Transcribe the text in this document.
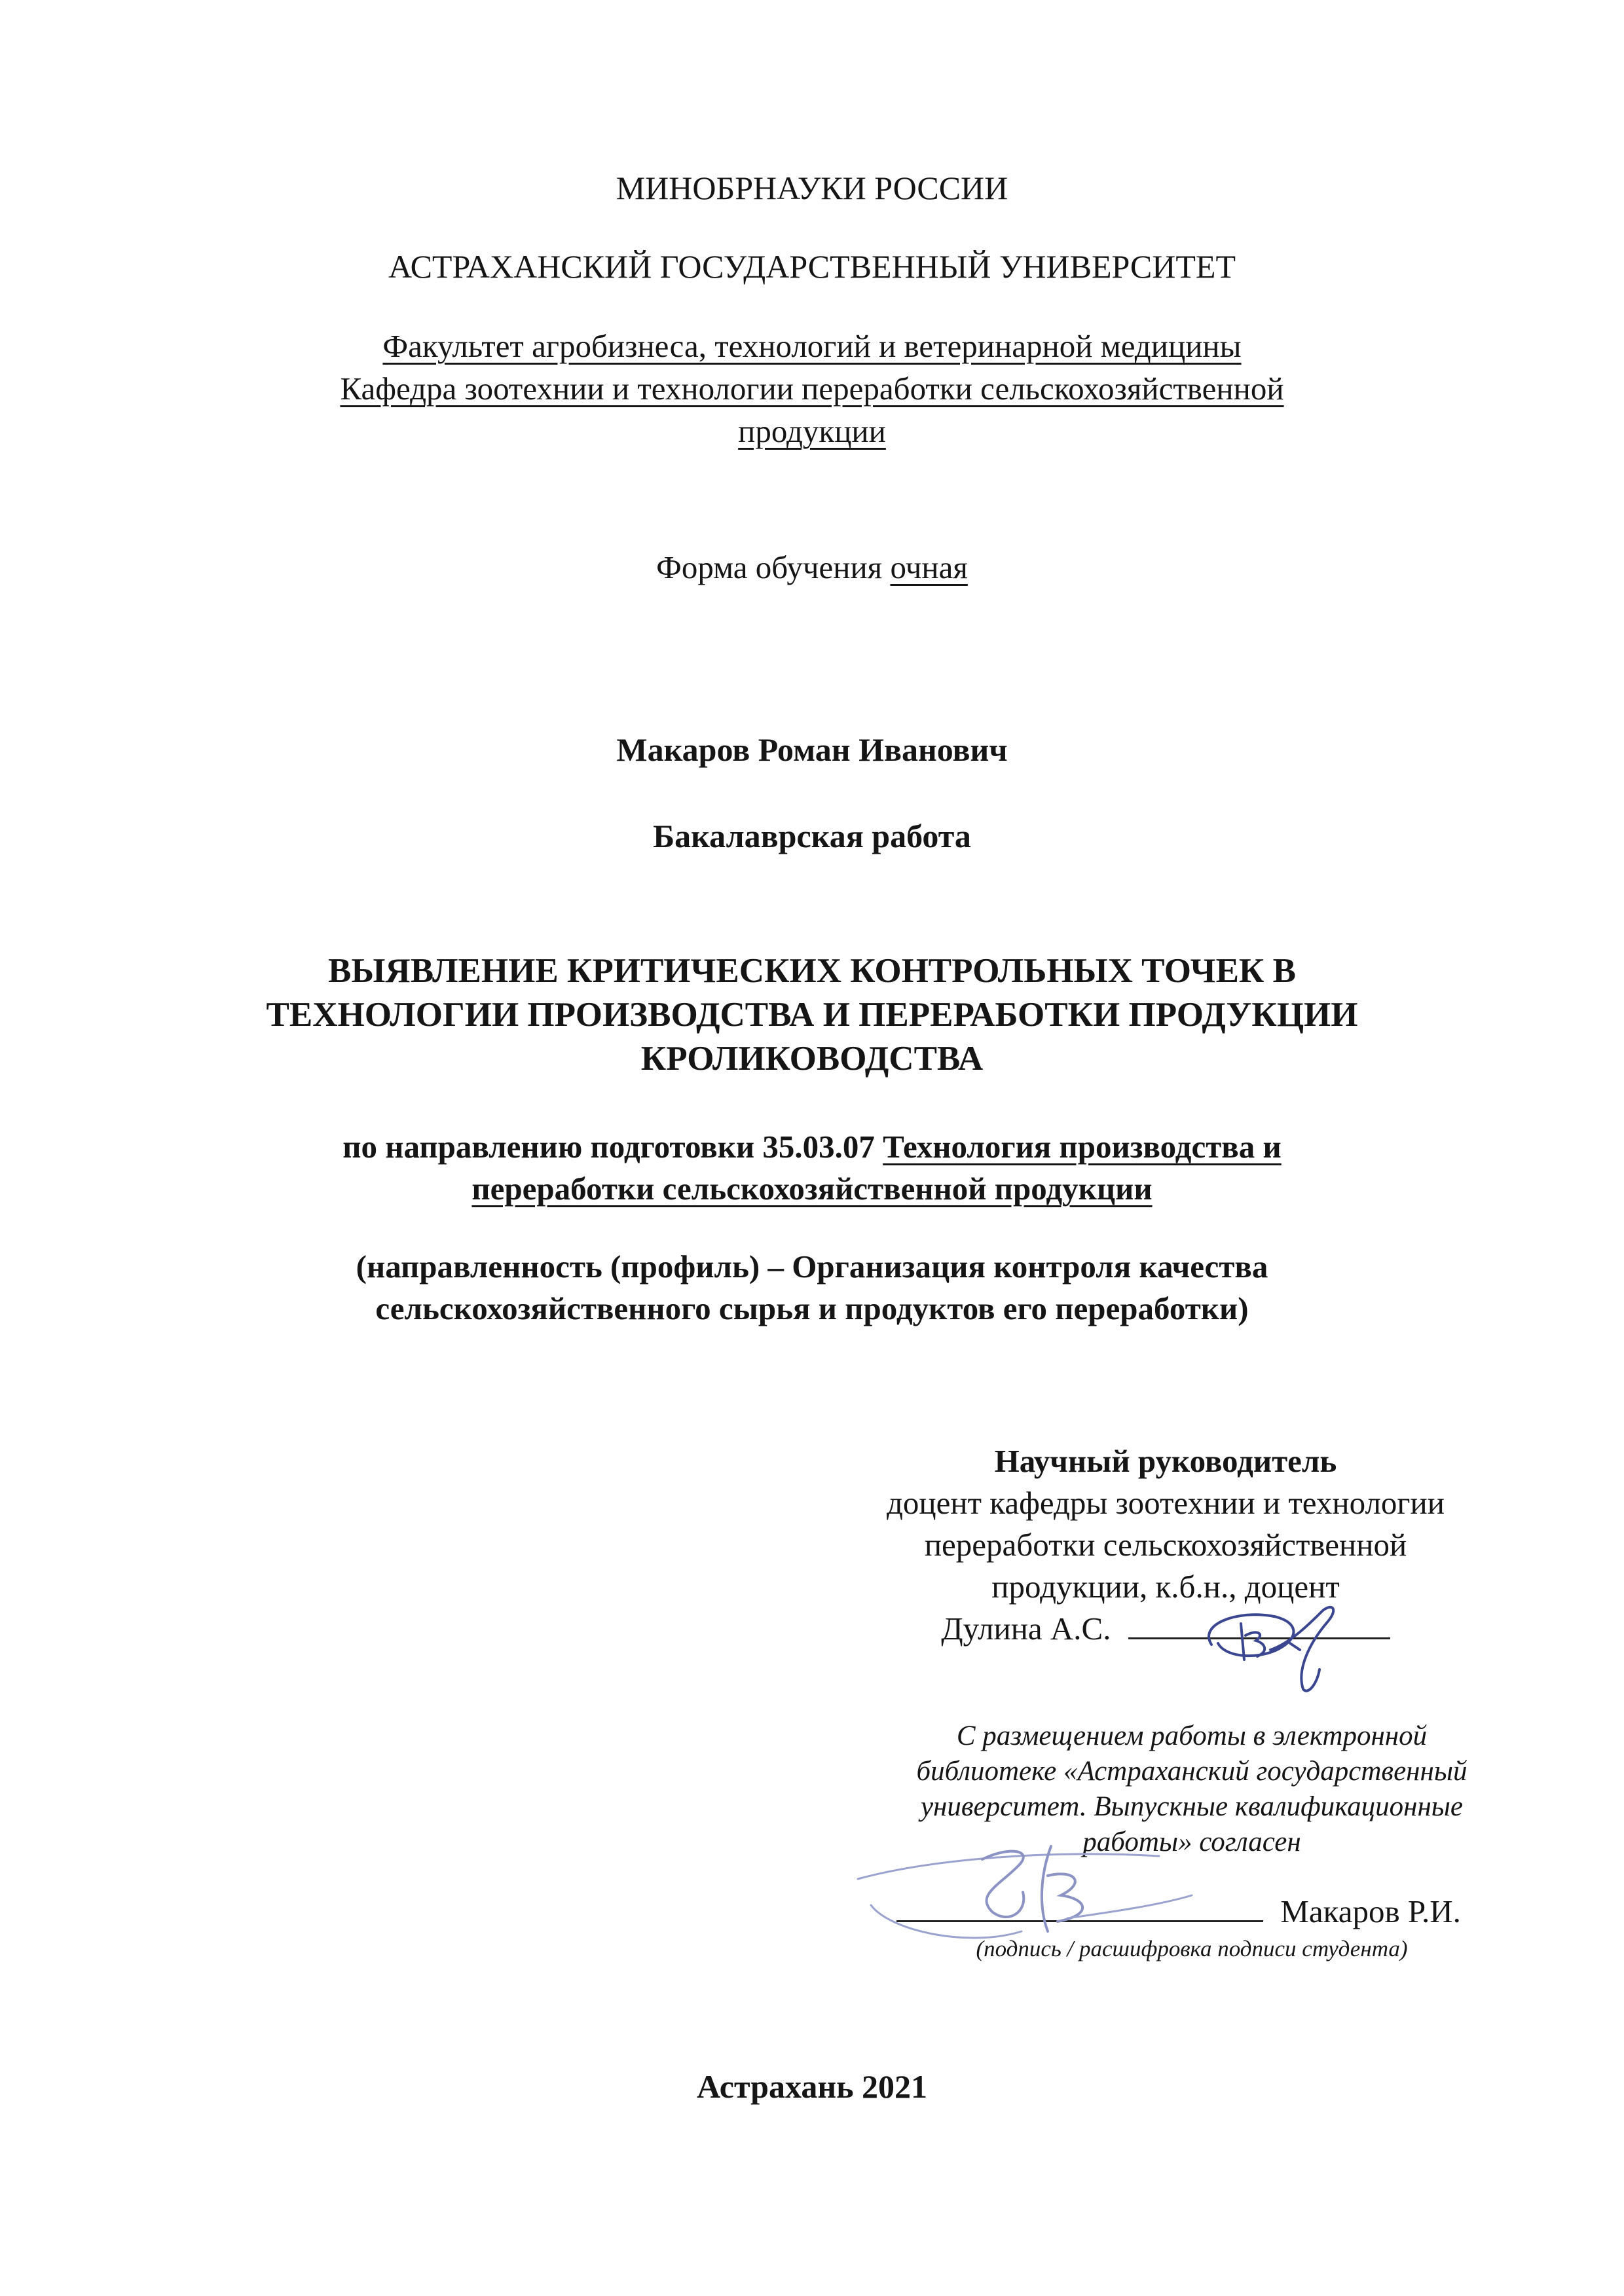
МИНОБРНАУКИ РОССИИ

АСТРАХАНСКИЙ ГОСУДАРСТВЕННЫЙ УНИВЕРСИТЕТ

Факультет агробизнеса, технологий и ветеринарной медицины
Кафедра зоотехнии и технологии переработки сельскохозяйственной
продукции

Форма обучения очная

Макаров Роман Иванович

Бакалаврская работа

ВЫЯВЛЕНИЕ КРИТИЧЕСКИХ КОНТРОЛЬНЫХ ТОЧЕК В
ТЕХНОЛОГИИ ПРОИЗВОДСТВА И ПЕРЕРАБОТКИ ПРОДУКЦИИ
КРОЛИКОВОДСТВА
по направлению подготовки 35.03.07 Технология производства и
переработки сельскохозяйственной продукции
(направленность (профиль) – Организация контроля качества
сельскохозяйственного сырья и продуктов его переработки)
Научный руководитель
доцент кафедры зоотехнии и технологии
переработки сельскохозяйственной
продукции, к.б.н., доцент
Дулина А.С.
С размещением работы в электронной
библиотеке «Астраханский государственный
университет. Выпускные квалификационные
работы» согласен
Макаров Р.И.
(подпись / расшифровка подписи студента)

Астрахань 2021
